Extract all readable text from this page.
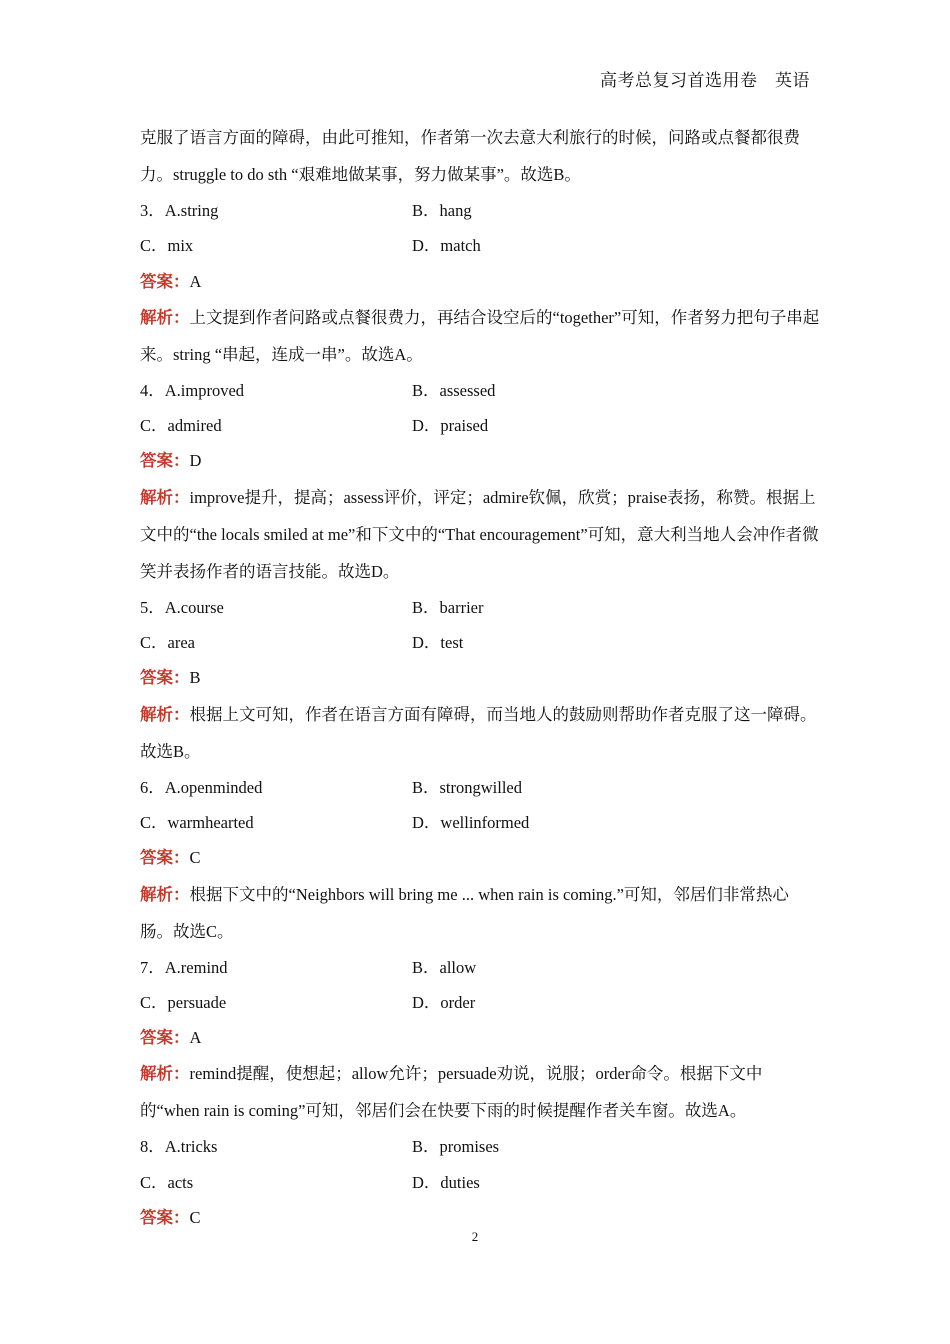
高考总复习首选用卷　英语

克服了语言方面的障碍，由此可推知，作者第一次去意大利旅行的时候，问路或点餐都很费力。struggle to do sth “艰难地做某事，努力做某事”。故选B。

3．A.string	B．hang
C．mix	D．match
答案：A

解析：上文提到作者问路或点餐很费力，再结合设空后的“together”可知，作者努力把句子串起来。string “串起，连成一串”。故选A。

4．A.improved	B．assessed
C．admired	D．praised
答案：D

解析：improve提升，提高；assess评价，评定；admire钦佩，欣赏；praise表扬，称赞。根据上文中的“the locals smiled at me”和下文中的“That encouragement”可知，意大利当地人会冲作者微笑并表扬作者的语言技能。故选D。

5．A.course	B．barrier
C．area	D．test
答案：B

解析：根据上文可知，作者在语言方面有障碍，而当地人的鼓励则帮助作者克服了这一障碍。故选B。

6．A.openminded	B．strongwilled
C．warmhearted	D．wellinformed
答案：C

解析：根据下文中的“Neighbors will bring me ... when rain is coming.”可知，邻居们非常热心肠。故选C。

7．A.remind	B．allow
C．persuade	D．order
答案：A

解析：remind提醒，使想起；allow允许；persuade劝说，说服；order命令。根据下文中的“when rain is coming”可知，邻居们会在快要下雨的时候提醒作者关车窗。故选A。

8．A.tricks	B．promises
C．acts	D．duties
答案：C
2
